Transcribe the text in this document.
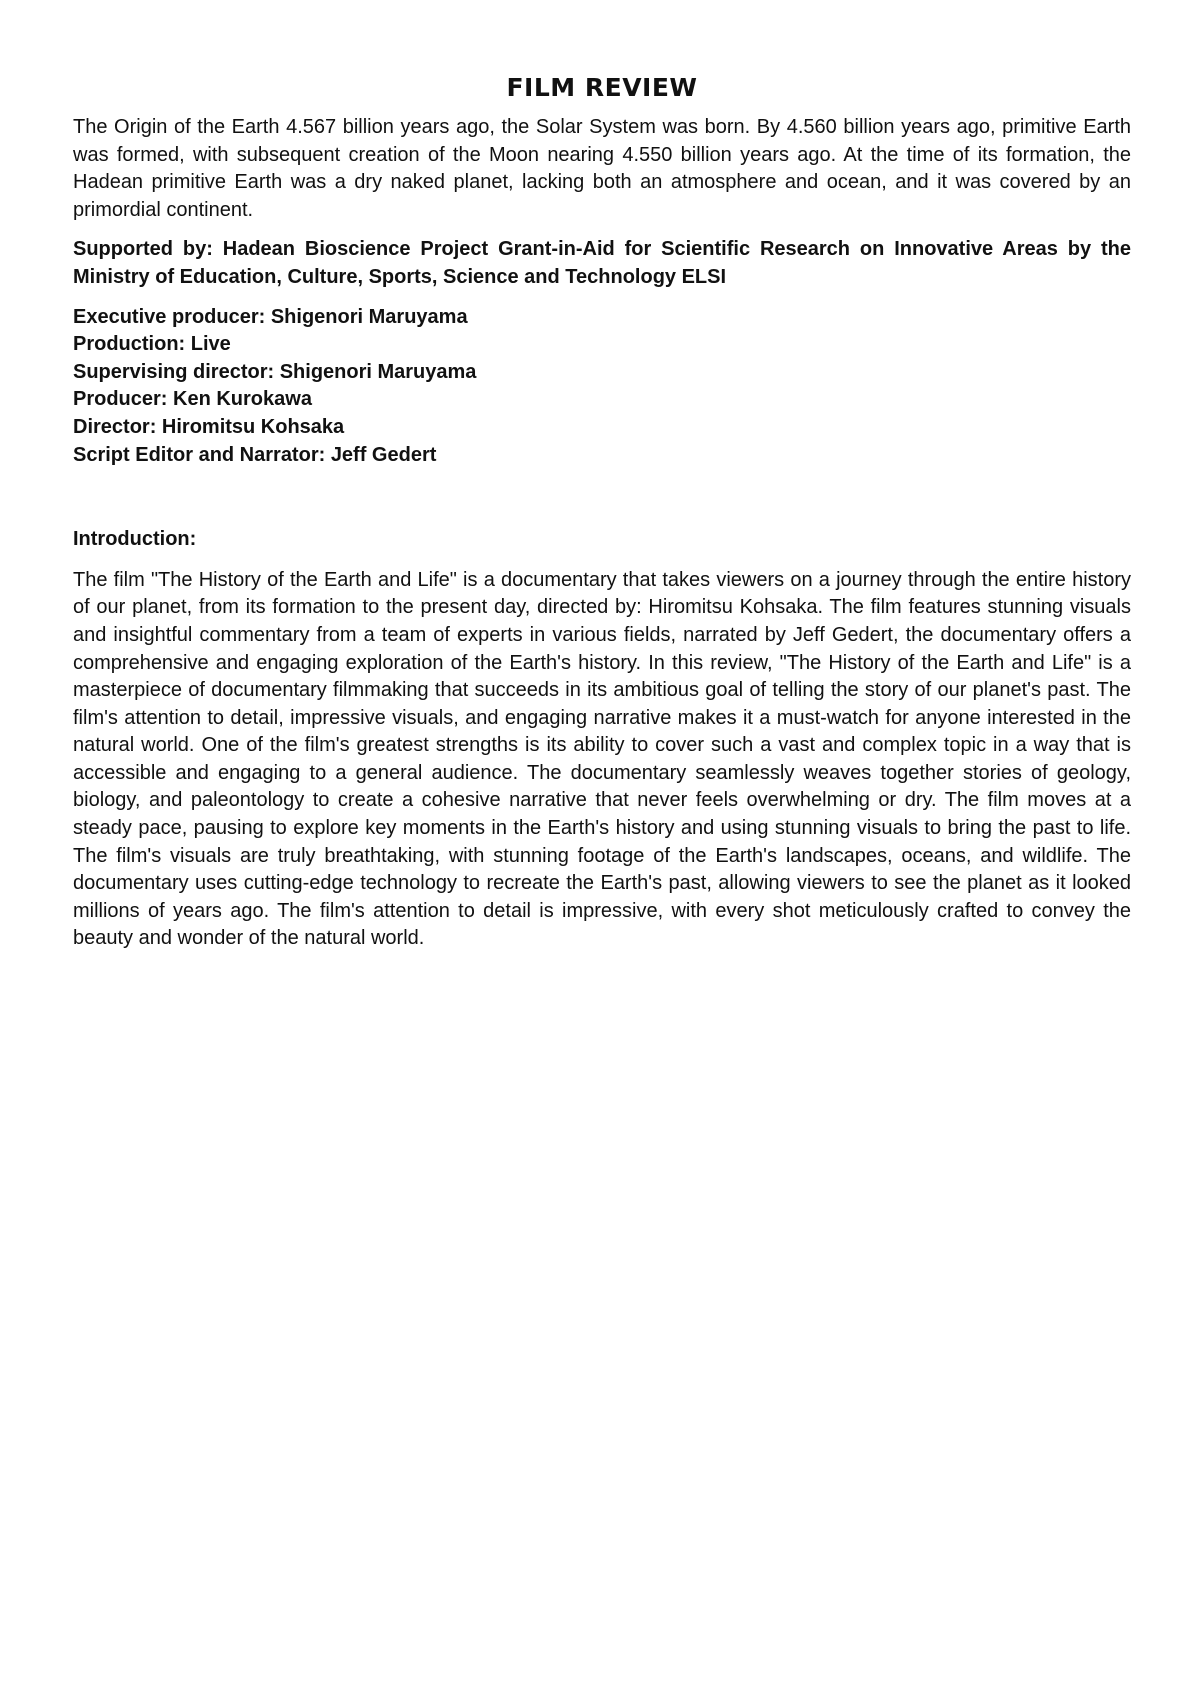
FILM REVIEW

The Origin of the Earth 4.567 billion years ago, the Solar System was born. By 4.560 billion years ago, primitive Earth was formed, with subsequent creation of the Moon nearing 4.550 billion years ago. At the time of its formation, the Hadean primitive Earth was a dry naked planet, lacking both an atmosphere and ocean, and it was covered by an primordial continent.

Supported by: Hadean Bioscience Project Grant-in-Aid for Scientific Research on Innovative Areas by the Ministry of Education, Culture, Sports, Science and Technology ELSI

Executive producer: Shigenori Maruyama
Production: Live
Supervising director: Shigenori Maruyama
Producer: Ken Kurokawa
Director: Hiromitsu Kohsaka
Script Editor and Narrator: Jeff Gedert
Introduction:

The film "The History of the Earth and Life" is a documentary that takes viewers on a journey through the entire history of our planet, from its formation to the present day, directed by: Hiromitsu Kohsaka. The film features stunning visuals and insightful commentary from a team of experts in various fields, narrated by Jeff Gedert, the documentary offers a comprehensive and engaging exploration of the Earth's history. In this review, "The History of the Earth and Life" is a masterpiece of documentary filmmaking that succeeds in its ambitious goal of telling the story of our planet's past. The film's attention to detail, impressive visuals, and engaging narrative makes it a must-watch for anyone interested in the natural world. One of the film's greatest strengths is its ability to cover such a vast and complex topic in a way that is accessible and engaging to a general audience. The documentary seamlessly weaves together stories of geology, biology, and paleontology to create a cohesive narrative that never feels overwhelming or dry. The film moves at a steady pace, pausing to explore key moments in the Earth's history and using stunning visuals to bring the past to life. The film's visuals are truly breathtaking, with stunning footage of the Earth's landscapes, oceans, and wildlife. The documentary uses cutting-edge technology to recreate the Earth's past, allowing viewers to see the planet as it looked millions of years ago. The film's attention to detail is impressive, with every shot meticulously crafted to convey the beauty and wonder of the natural world.
